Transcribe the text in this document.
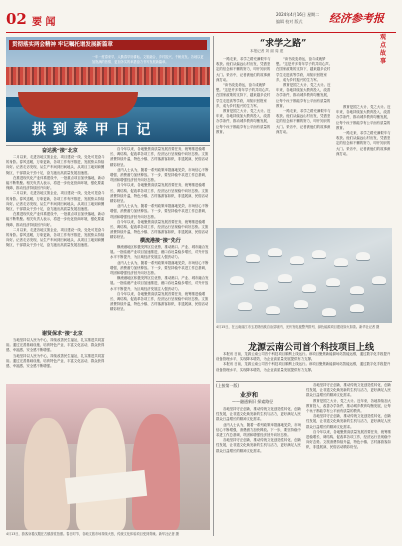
02 要 闻
2024年4月16日 星期二
编辑 校对 版式 经济参考报
贯彻落实两会精神 牢记嘱托谱发展新篇章

一年一度春来早，人勤春早好耕耘。文旅融合，乡村振兴，千帆竞发。各地以更加饱满的热情、更加务实的举措奋力书写发展新篇章。

拱 到 泰 甲 日 记
奋达挑“接”北京

二月以来，走进各地文旅企业，项目建设一线，处处可见奋斗的身影。春风送暖，万象更新，各项工作有序推进，发展势头持续向好。记者走访发现，从生产车间到田间地头，从项目工地到商圈街区，干部群众干劲十足，奋力跑出高质量发展加速度。

在推进现代化产业体系建设中，一批重点项目加快落地，新动能不断集聚。相关负责人表示，将进一步优化营商环境，强化要素保障，推动经济持续回升向好。

二月以来，走进各地文旅企业，项目建设一线，处处可见奋斗的身影。春风送暖，万象更新，各项工作有序推进，发展势头持续向好。记者走访发现，从生产车间到田间地头，从项目工地到商圈街区，干部群众干劲十足，奋力跑出高质量发展加速度。

在推进现代化产业体系建设中，一批重点项目加快落地，新动能不断集聚。相关负责人表示，将进一步优化营商环境，强化要素保障，推动经济持续回升向好。

二月以来，走进各地文旅企业，项目建设一线，处处可见奋斗的身影。春风送暖，万象更新，各项工作有序推进，发展势头持续向好。记者走访发现，从生产车间到田间地头，从项目工地到商圈街区，干部群众干劲十足，奋力跑出高质量发展加速度。

自今年以来，各地聚焦高质量发展首要任务，统筹推进稳增长、调结构、促改革各项工作，经济运行呈现稳中向好态势。文旅消费持续升温，特色小镇、古村落游客如织，非遗展演、民俗活动精彩纷呈。

业内人士认为，随着一系列政策举措落地见效，市场信心不断增强，消费潜力加快释放。下一步，要坚持稳中求进工作总基调，巩固和增强经济回升向好态势。

自今年以来，各地聚焦高质量发展首要任务，统筹推进稳增长、调结构、促改革各项工作，经济运行呈现稳中向好态势。文旅消费持续升温，特色小镇、古村落游客如织，非遗展演、民俗活动精彩纷呈。

业内人士认为，随着一系列政策举措落地见效，市场信心不断增强，消费潜力加快释放。下一步，要坚持稳中求进工作总基调，巩固和增强经济回升向好态势。

自今年以来，各地聚焦高质量发展首要任务，统筹推进稳增长、调结构、促改革各项工作，经济运行呈现稳中向好态势。文旅消费持续升温，特色小镇、古村落游客如织，非遗展演、民俗活动精彩纷呈。

谢贤保求“接”北京

当地坚持以人民为中心，持续改善民生福祉，扎实推进共同富裕。通过完善基础设施、培育特色产业、丰富文化活动，群众获得感、幸福感、安全感不断增强。

当地坚持以人民为中心，持续改善民生福祉，扎实推进共同富裕。通过完善基础设施、培育特色产业、丰富文化活动，群众获得感、幸福感、安全感不断增强。

横流港接“接”先行

横流港地区积极发挥区位优势，推动港口、产业、城市融合发展。一批临港产业项目加速推进，港口吞吐量稳步增长，对外开放水平不断提升，为区域经济发展注入强劲动力。

业内人士认为，随着一系列政策举措落地见效，市场信心不断增强，消费潜力加快释放。下一步，要坚持稳中求进工作总基调，巩固和增强经济回升向好态势。

横流港地区积极发挥区位优势，推动港口、产业、城市融合发展。一批临港产业项目加速推进，港口吞吐量稳步增长，对外开放水平不断提升，为区域经济发展注入强劲动力。

自今年以来，各地聚焦高质量发展首要任务，统筹推进稳增长、调结构、促改革各项工作，经济运行呈现稳中向好态势。文旅消费持续升温，特色小镇、古村落游客如织，非遗展演、民俗活动精彩纷呈。

“求学之路”
本报记者 刘 丽 周 建
观
点
故
事

一路走来，求学之路充满艰辛与收获。他们从偏远山村出发，凭借坚定的信念和不懈的努力，叩开知识的大门。采访中，记者被他们的故事深深打动。

“读书改变命运，奋斗成就梦想。”这是许多青年学子的共同心声。在国家政策的支持下，越来越多农村学生走进高等学府，用知识回报家乡，成为乡村振兴的生力军。

教育是国之大计、党之大计。近年来，各地持续加大教育投入，改善办学条件，推动城乡教育均衡发展，让每个孩子都能享有公平而有质量的教育。

“读书改变命运，奋斗成就梦想。”这是许多青年学子的共同心声。在国家政策的支持下，越来越多农村学生走进高等学府，用知识回报家乡，成为乡村振兴的生力军。

教育是国之大计、党之大计。近年来，各地持续加大教育投入，改善办学条件，推动城乡教育均衡发展，让每个孩子都能享有公平而有质量的教育。

一路走来，求学之路充满艰辛与收获。他们从偏远山村出发，凭借坚定的信念和不懈的努力，叩开知识的大门。采访中，记者被他们的故事深深打动。

教育是国之大计、党之大计。近年来，各地持续加大教育投入，改善办学条件，推动城乡教育均衡发展，让每个孩子都能享有公平而有质量的教育。

一路走来，求学之路充满艰辛与收获。他们从偏远山村出发，凭借坚定的信念和不懈的努力，叩开知识的大门。采访中，记者被他们的故事深深打动。

4月15日，在云南丽江市玉龙纳西族自治县境内，光伏发电板整齐排列，绿色能源项目建设如火如荼。新华社记者 摄
龙源云南公司首个科技项目上线

本报讯 日前，龙源云南公司首个科技项目顺利上线运行。该项目聚焦新能源场站智能运维，通过数字化手段提升设备管理水平，实现降本增效，为企业高质量发展提供有力支撑。

本报讯 日前，龙源云南公司首个科技项目顺利上线运行。该项目聚焦新能源场站智能运维，通过数字化手段提升设备管理水平，实现降本增效，为企业高质量发展提供有力支撑。

(上接第一版)
业岁和
——融通新旧 探索路径

各地坚持守正创新，推动传统文化创造性转化、创新性发展，让非遗文化焕发新的生机与活力，更好满足人民群众日益增长的精神文化需求。

业内人士认为，随着一系列政策举措落地见效，市场信心不断增强，消费潜力加快释放。下一步，要坚持稳中求进工作总基调，巩固和增强经济回升向好态势。

各地坚持守正创新，推动传统文化创造性转化、创新性发展，让非遗文化焕发新的生机与活力，更好满足人民群众日益增长的精神文化需求。

各地坚持守正创新，推动传统文化创造性转化、创新性发展，让非遗文化焕发新的生机与活力，更好满足人民群众日益增长的精神文化需求。

教育是国之大计、党之大计。近年来，各地持续加大教育投入，改善办学条件，推动城乡教育均衡发展，让每个孩子都能享有公平而有质量的教育。

各地坚持守正创新，推动传统文化创造性转化、创新性发展，让非遗文化焕发新的生机与活力，更好满足人民群众日益增长的精神文化需求。

自今年以来，各地聚焦高质量发展首要任务，统筹推进稳增长、调结构、促改革各项工作，经济运行呈现稳中向好态势。文旅消费持续升温，特色小镇、古村落游客如织，非遗展演、民俗活动精彩纷呈。

4月13日，游客身着汉服在古镇游览拍照。春日时节，各地文旅市场持续火热，传统文化体验项目受到青睐。新华社记者 摄
